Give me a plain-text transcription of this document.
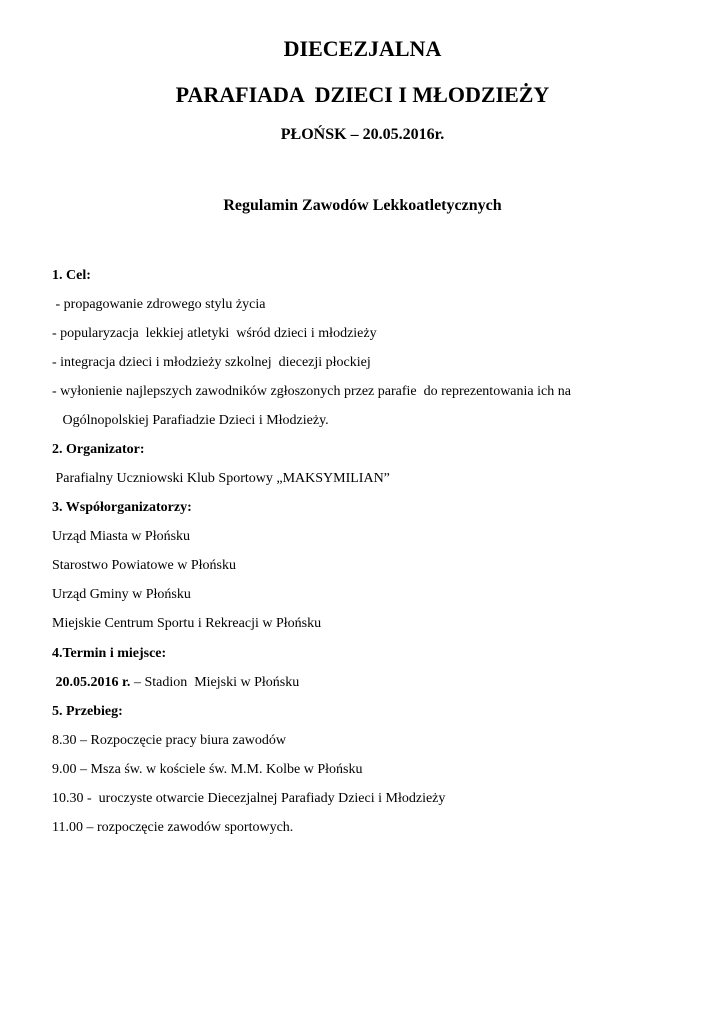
DIECEZJALNA
PARAFIADA  DZIECI I MŁODZIEŻY
PŁOŃSK – 20.05.2016r.
Regulamin Zawodów Lekkoatletycznych
1. Cel:
- propagowanie zdrowego stylu życia
- popularyzacja  lekkiej atletyki  wśród dzieci i młodzieży
- integracja dzieci i młodzieży szkolnej  diecezji płockiej
- wyłonienie najlepszych zawodników zgłoszonych przez parafie  do reprezentowania ich na
Ogólnopolskiej Parafiadzie Dzieci i Młodzieży.
2. Organizator:
Parafialny Uczniowski Klub Sportowy „MAKSYMILIAN”
3. Współorganizatorzy:
Urząd Miasta w Płońsku
Starostwo Powiatowe w Płońsku
Urząd Gminy w Płońsku
Miejskie Centrum Sportu i Rekreacji w Płońsku
4.Termin i miejsce:
20.05.2016 r. – Stadion  Miejski w Płońsku
5. Przebieg:
8.30 – Rozpoczęcie pracy biura zawodów
9.00 – Msza św. w kościele św. M.M. Kolbe w Płońsku
10.30 -  uroczyste otwarcie Diecezjalnej Parafiady Dzieci i Młodzieży
11.00 – rozpoczęcie zawodów sportowych.
